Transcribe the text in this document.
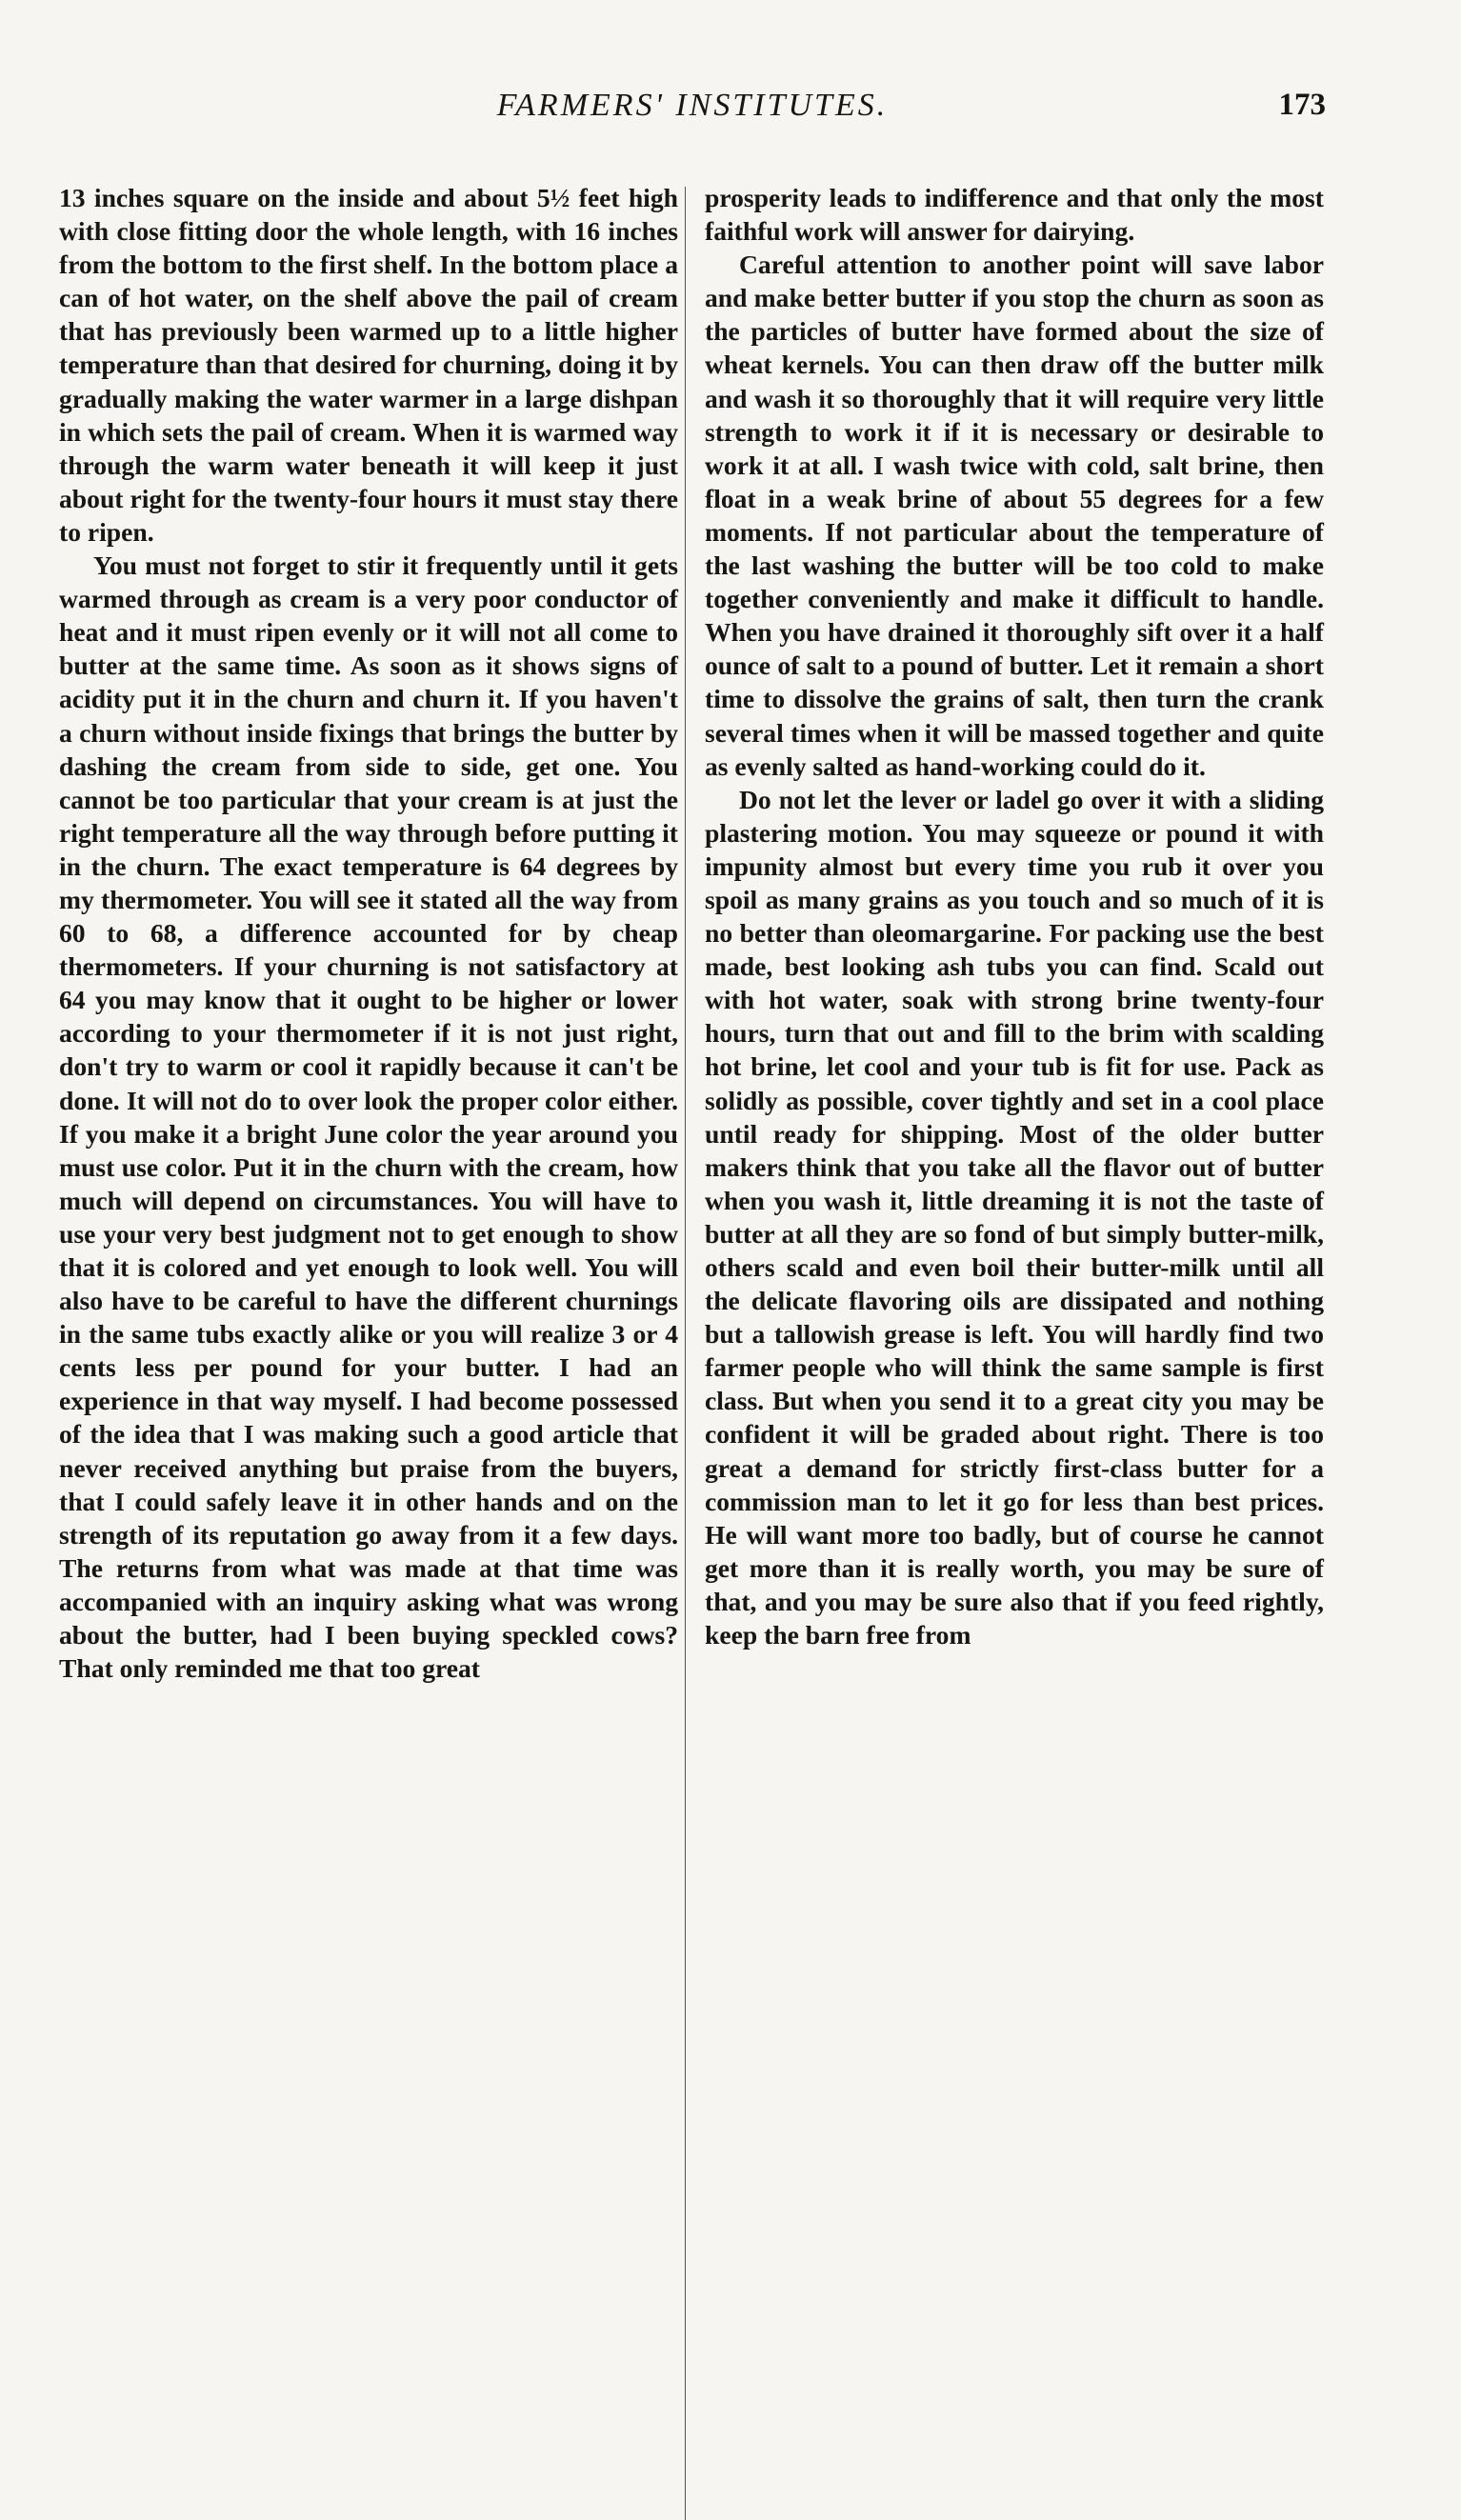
FARMERS' INSTITUTES.	173

13 inches square on the inside and about 5½ feet high with close fitting door the whole length, with 16 inches from the bottom to the first shelf. In the bottom place a can of hot water, on the shelf above the pail of cream that has previously been warmed up to a little higher temperature than that desired for churning, doing it by gradually making the water warmer in a large dishpan in which sets the pail of cream. When it is warmed way through the warm water beneath it will keep it just about right for the twenty-four hours it must stay there to ripen.

You must not forget to stir it frequently until it gets warmed through as cream is a very poor conductor of heat and it must ripen evenly or it will not all come to butter at the same time. As soon as it shows signs of acidity put it in the churn and churn it. If you haven't a churn without inside fixings that brings the butter by dashing the cream from side to side, get one. You cannot be too particular that your cream is at just the right temperature all the way through before putting it in the churn. The exact temperature is 64 degrees by my thermometer. You will see it stated all the way from 60 to 68, a difference accounted for by cheap thermometers. If your churning is not satisfactory at 64 you may know that it ought to be higher or lower according to your thermometer if it is not just right, don't try to warm or cool it rapidly because it can't be done. It will not do to over look the proper color either. If you make it a bright June color the year around you must use color. Put it in the churn with the cream, how much will depend on circumstances. You will have to use your very best judgment not to get enough to show that it is colored and yet enough to look well. You will also have to be careful to have the different churnings in the same tubs exactly alike or you will realize 3 or 4 cents less per pound for your butter. I had an experience in that way myself. I had become possessed of the idea that I was making such a good article that never received anything but praise from the buyers, that I could safely leave it in other hands and on the strength of its reputation go away from it a few days. The returns from what was made at that time was accompanied with an inquiry asking what was wrong about the butter, had I been buying speckled cows? That only reminded me that too great

prosperity leads to indifference and that only the most faithful work will answer for dairying.

Careful attention to another point will save labor and make better butter if you stop the churn as soon as the particles of butter have formed about the size of wheat kernels. You can then draw off the butter milk and wash it so thoroughly that it will require very little strength to work it if it is necessary or desirable to work it at all. I wash twice with cold, salt brine, then float in a weak brine of about 55 degrees for a few moments. If not particular about the temperature of the last washing the butter will be too cold to make together conveniently and make it difficult to handle. When you have drained it thoroughly sift over it a half ounce of salt to a pound of butter. Let it remain a short time to dissolve the grains of salt, then turn the crank several times when it will be massed together and quite as evenly salted as hand-working could do it.

Do not let the lever or ladel go over it with a sliding plastering motion. You may squeeze or pound it with impunity almost but every time you rub it over you spoil as many grains as you touch and so much of it is no better than oleomargarine. For packing use the best made, best looking ash tubs you can find. Scald out with hot water, soak with strong brine twenty-four hours, turn that out and fill to the brim with scalding hot brine, let cool and your tub is fit for use. Pack as solidly as possible, cover tightly and set in a cool place until ready for shipping. Most of the older butter makers think that you take all the flavor out of butter when you wash it, little dreaming it is not the taste of butter at all they are so fond of but simply butter-milk, others scald and even boil their butter-milk until all the delicate flavoring oils are dissipated and nothing but a tallowish grease is left. You will hardly find two farmer people who will think the same sample is first class. But when you send it to a great city you may be confident it will be graded about right. There is too great a demand for strictly first-class butter for a commission man to let it go for less than best prices. He will want more too badly, but of course he cannot get more than it is really worth, you may be sure of that, and you may be sure also that if you feed rightly, keep the barn free from
